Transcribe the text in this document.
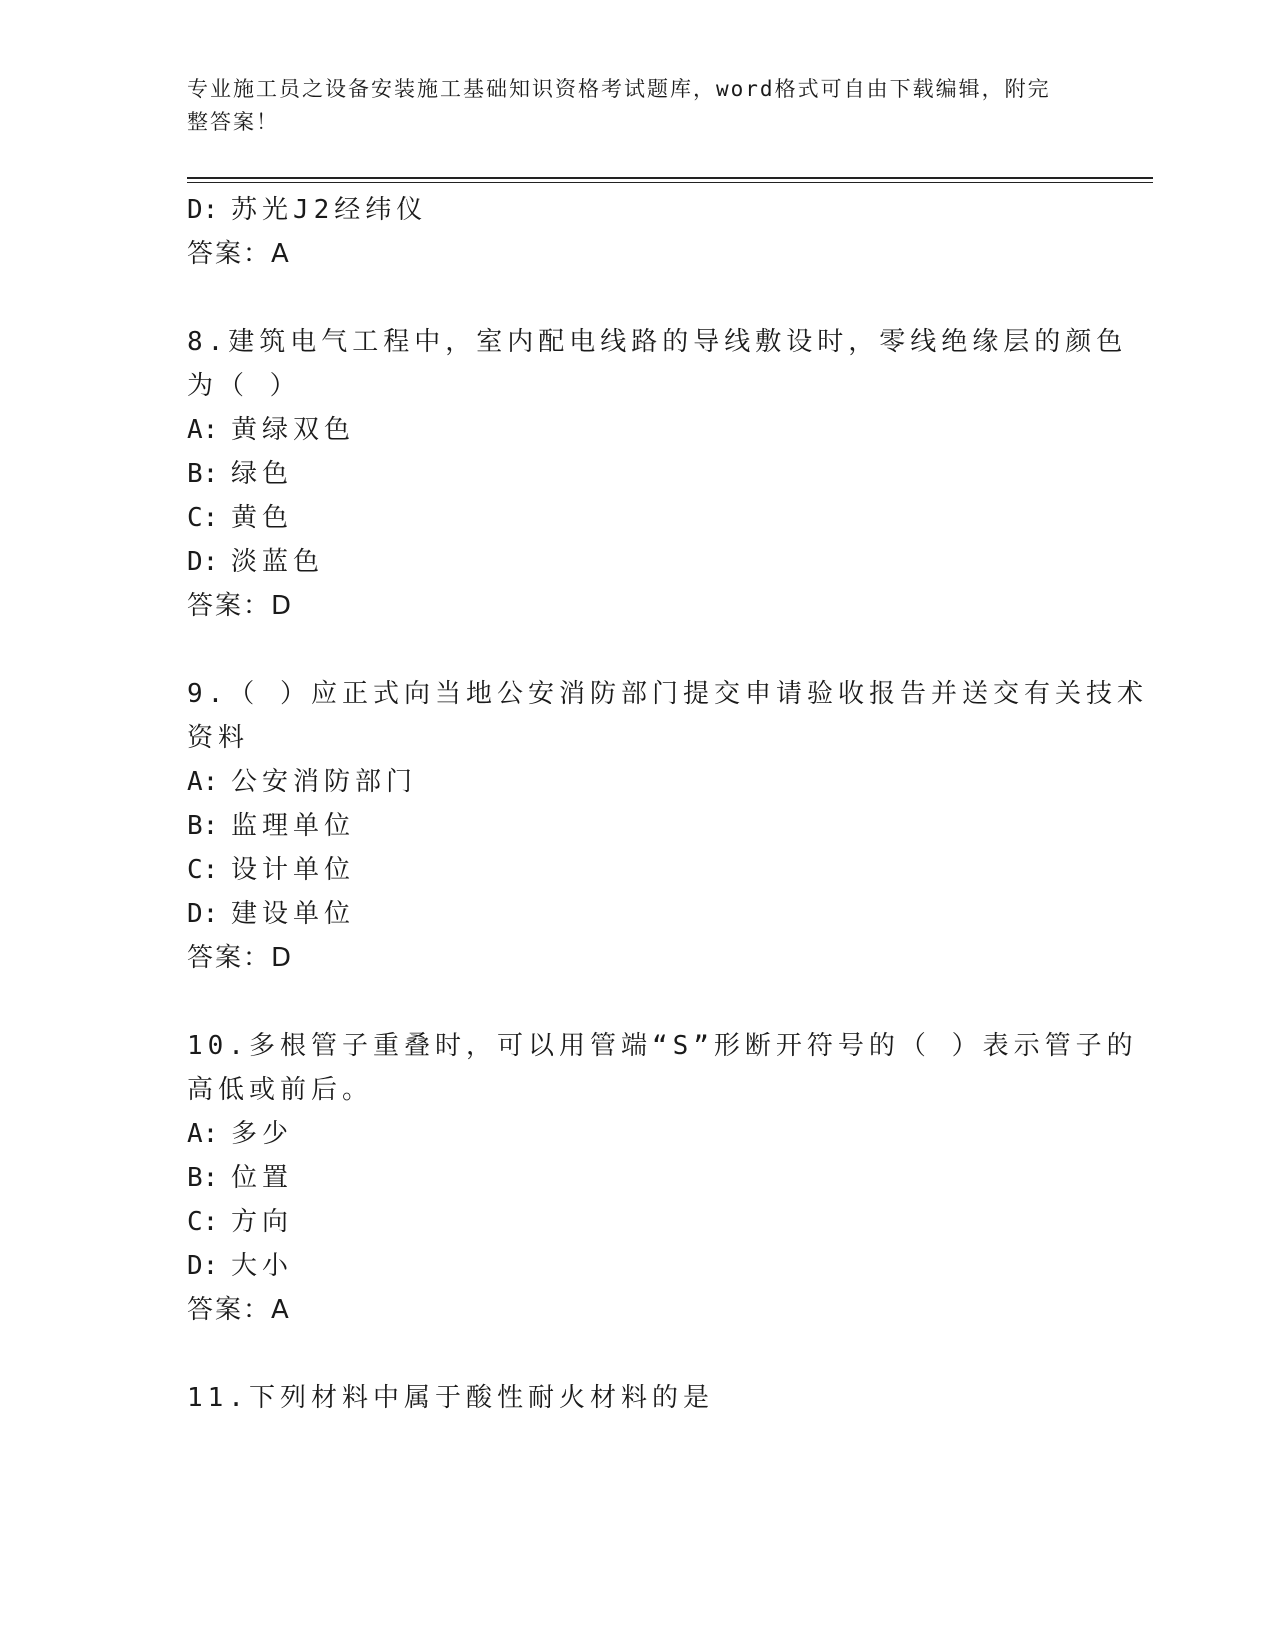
专业施工员之设备安装施工基础知识资格考试题库，word格式可自由下载编辑，附完整答案！
D: 苏光J2经纬仪
答案：A
8.建筑电气工程中，室内配电线路的导线敷设时，零线绝缘层的颜色
为（ ）
A: 黄绿双色
B: 绿色
C: 黄色
D: 淡蓝色
答案：D
9.（ ）应正式向当地公安消防部门提交申请验收报告并送交有关技术
资料
A: 公安消防部门
B: 监理单位
C: 设计单位
D: 建设单位
答案：D
10.多根管子重叠时，可以用管端“S”形断开符号的（ ）表示管子的
高低或前后。
A: 多少
B: 位置
C: 方向
D: 大小
答案：A
11.下列材料中属于酸性耐火材料的是
